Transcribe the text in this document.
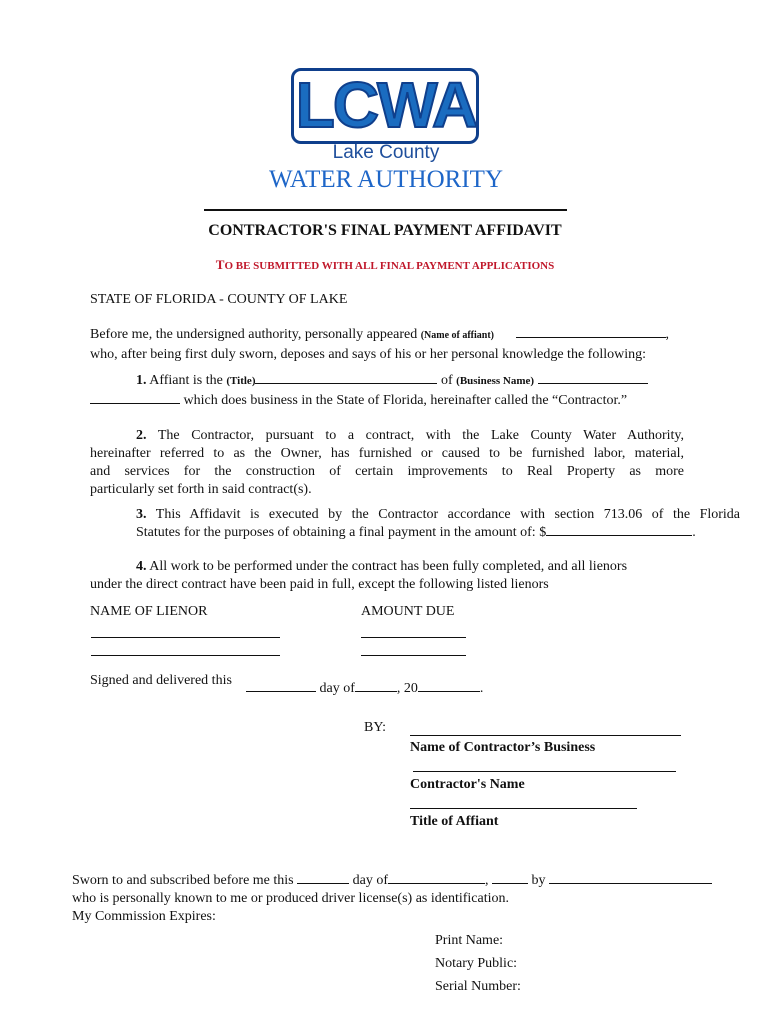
LCWA
Lake County
WATER AUTHORITY
CONTRACTOR'S FINAL PAYMENT AFFIDAVIT
TO BE SUBMITTED WITH ALL FINAL PAYMENT APPLICATIONS
STATE OF FLORIDA - COUNTY OF LAKE
Before me, the undersigned authority, personally appeared (Name of affiant)	,
who, after being first duly sworn, deposes and says of his or her personal knowledge the following:
1. Affiant is the (Title)	of (Business Name)
which does business in the State of Florida, hereinafter called the “Contractor.”
2. The Contractor, pursuant to a contract, with the Lake County Water Authority,
hereinafter referred to as the Owner, has furnished or caused to be furnished labor, material,
and services for the construction of certain improvements to Real Property as more
particularly set forth in said contract(s).
3. This Affidavit is executed by the Contractor accordance with section 713.06 of the Florida
Statutes for the purposes of obtaining a final payment in the amount of: $	.
4. All work to be performed under the contract has been fully completed, and all lienors
under the direct contract have been paid in full, except the following listed lienors
NAME OF LIENOR	AMOUNT DUE
Signed and delivered this
day of	, 20	.
BY:
Name of Contractor’s Business
Contractor's Name
Title of Affiant
Sworn to and subscribed before me this	day of	,	by
who is personally known to me or produced driver license(s) as identification.
My Commission Expires:
Print Name:
Notary Public:
Serial Number:
